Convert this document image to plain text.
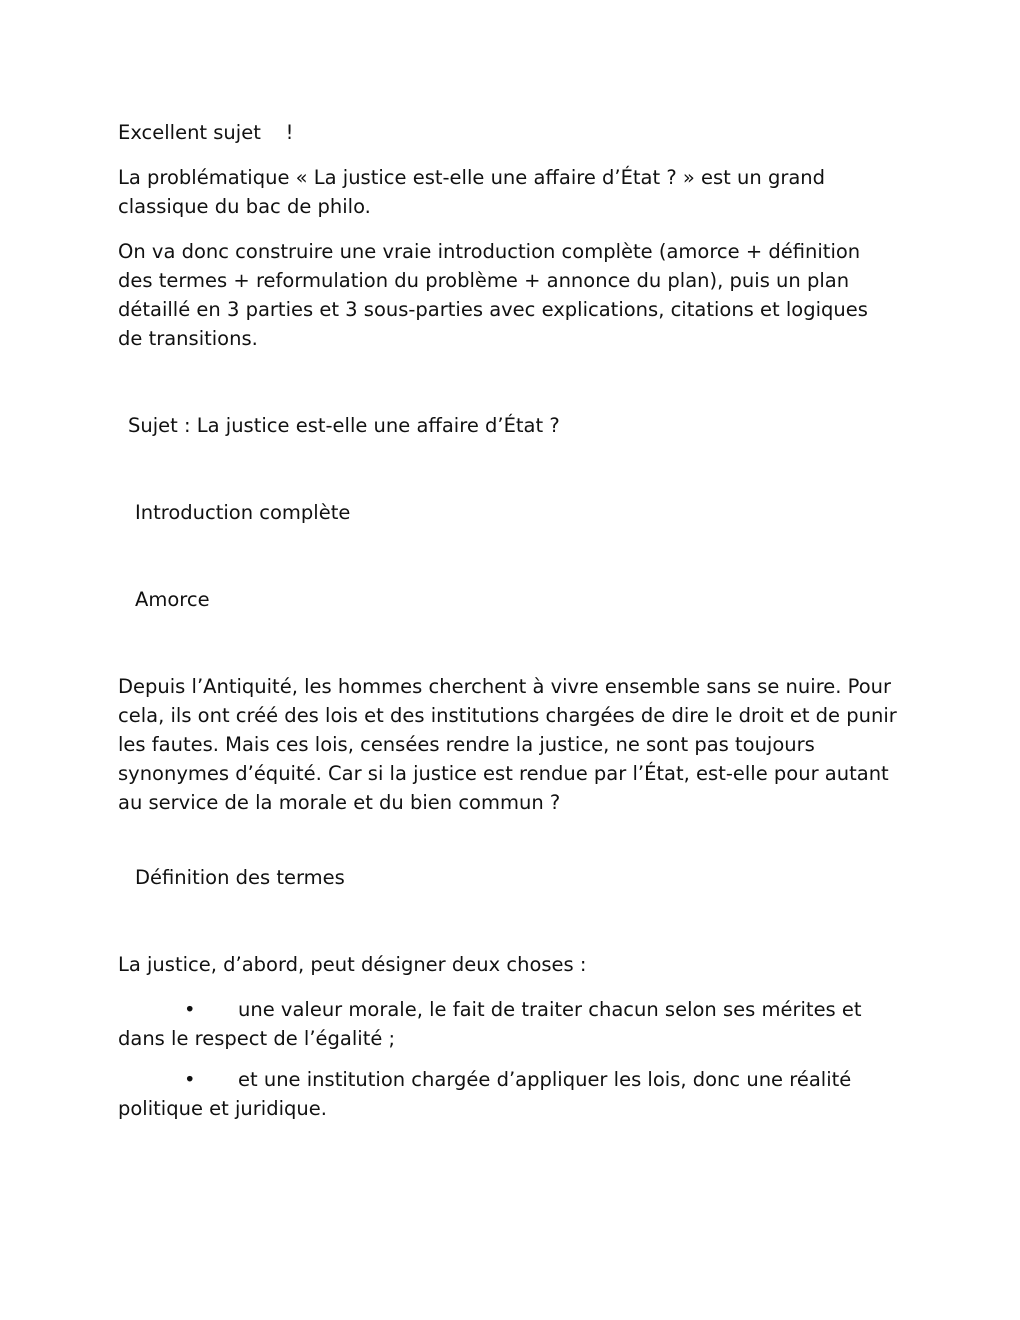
Excellent sujet    !

La problématique « La justice est-elle une affaire d’État ? » est un grand classique du bac de philo.

On va donc construire une vraie introduction complète (amorce + définition des termes + reformulation du problème + annonce du plan), puis un plan détaillé en 3 parties et 3 sous-parties avec explications, citations et logiques de transitions.

Sujet : La justice est-elle une affaire d’État ?

Introduction complète

Amorce

Depuis l’Antiquité, les hommes cherchent à vivre ensemble sans se nuire. Pour cela, ils ont créé des lois et des institutions chargées de dire le droit et de punir les fautes. Mais ces lois, censées rendre la justice, ne sont pas toujours synonymes d’équité. Car si la justice est rendue par l’État, est-elle pour autant au service de la morale et du bien commun ?

Définition des termes

La justice, d’abord, peut désigner deux choses :

• une valeur morale, le fait de traiter chacun selon ses mérites et dans le respect de l’égalité ;
• et une institution chargée d’appliquer les lois, donc une réalité politique et juridique.
